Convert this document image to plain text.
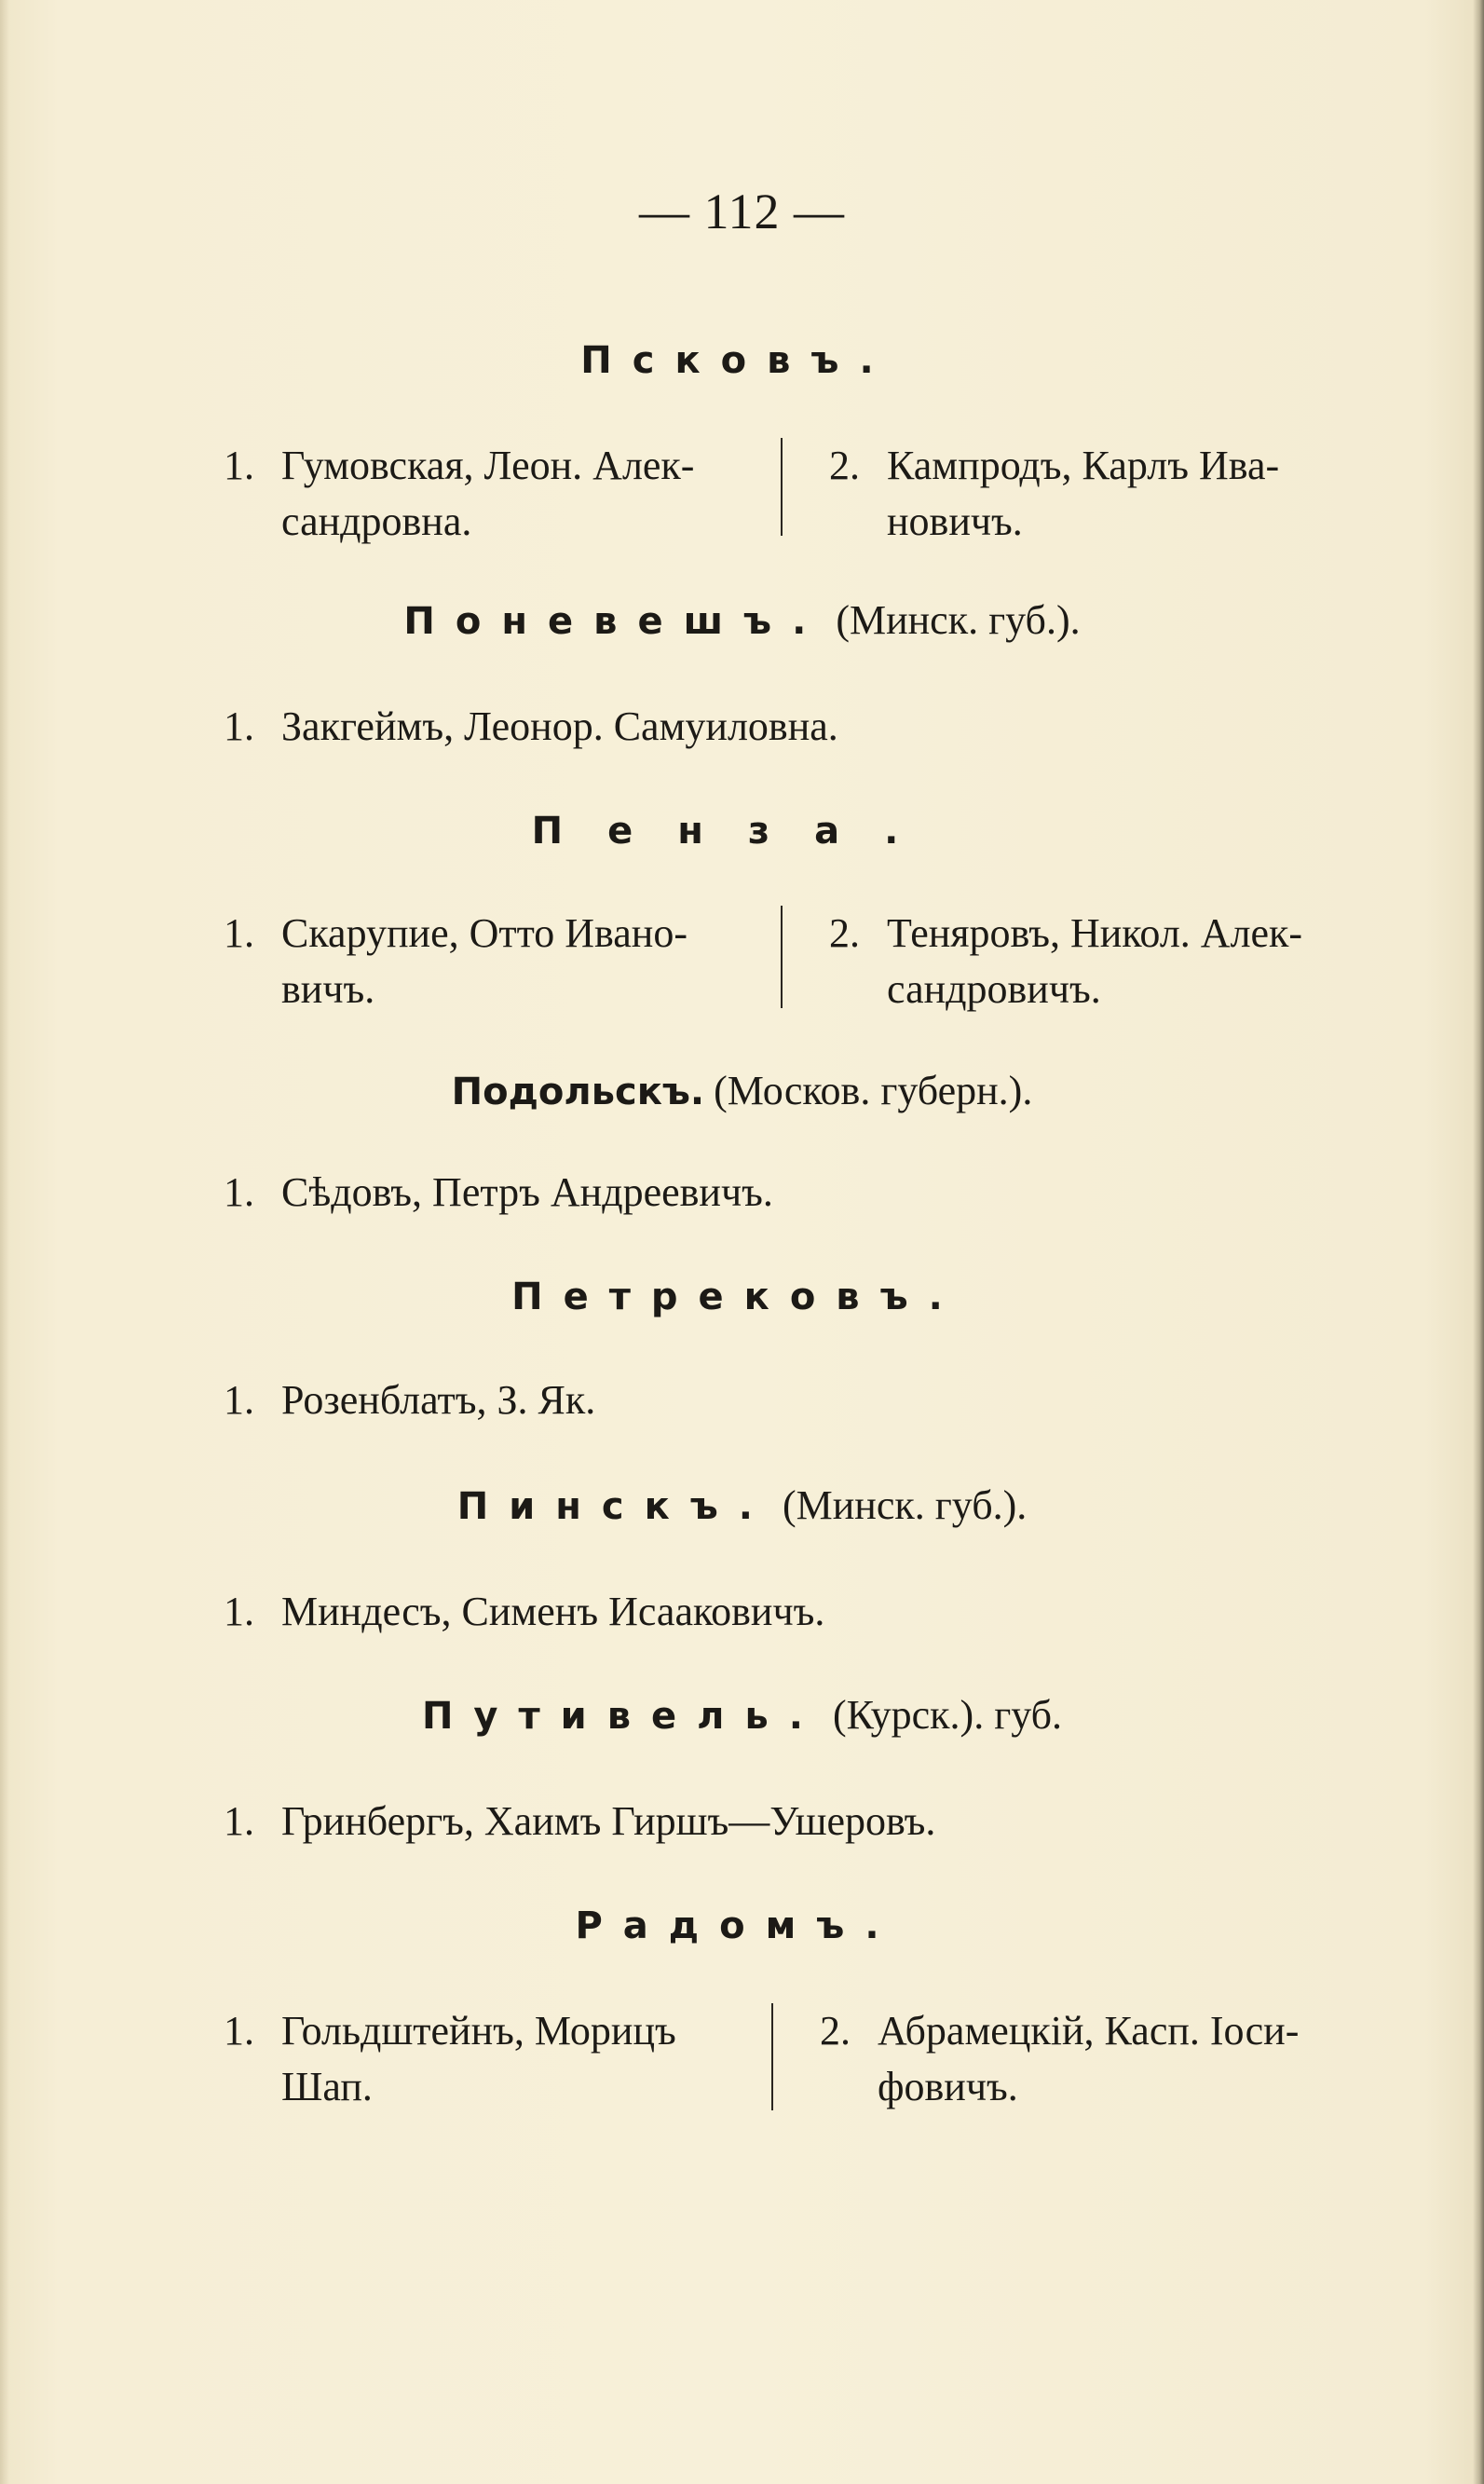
— 112 —
Псковъ.
1. Гумовская, Леон. Алек-
сандровна.
2. Кампродъ, Карлъ Ива-
новичъ.
Поневешъ. (Минск. губ.).
1. Закгеймъ, Леонор. Самуиловна.
Пенза.
1. Скарупие, Отто Ивано-
вичъ.
2. Теняровъ, Никол. Алек-
сандровичъ.
Подольскъ. (Москов. губерн.).
1. Сѣдовъ, Петръ Андреевичъ.
Петрековъ.
1. Розенблатъ, З. Як.
Пинскъ. (Минск. губ.).
1. Миндесъ, Сименъ Исааковичъ.
Путивель. (Курск.). губ.
1. Гринбергъ, Хаимъ Гиршъ—Ушеровъ.
Радомъ.
1. Гольдштейнъ, Морицъ
Шап.
2. Абрамецкій, Касп. Іоси-
фовичъ.
